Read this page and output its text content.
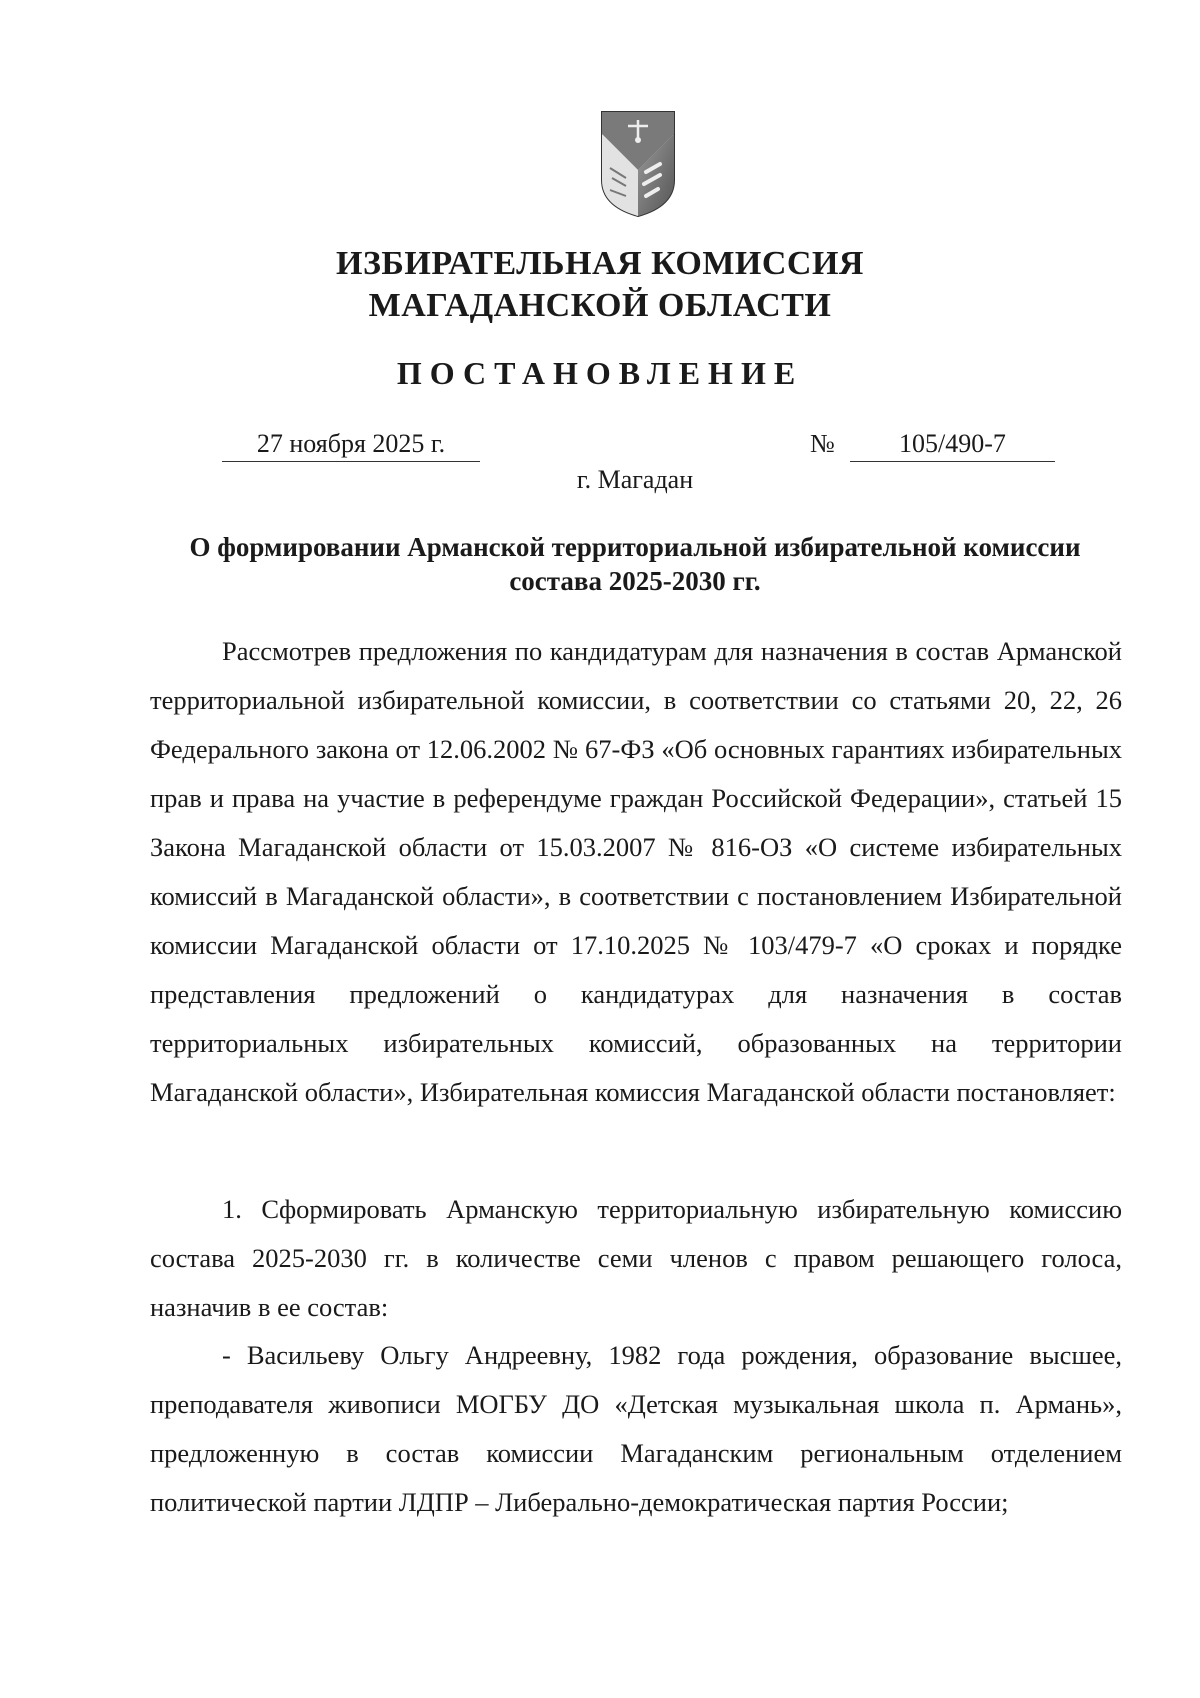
ИЗБИРАТЕЛЬНАЯ КОМИССИЯ
МАГАДАНСКОЙ ОБЛАСТИ
ПОСТАНОВЛЕНИЕ
27 ноября 2025 г.	№	105/490-7
г. Магадан
О формировании Арманской территориальной избирательной комиссии
состава 2025-2030 гг.

Рассмотрев предложения по кандидатурам для назначения в состав Арманской территориальной избирательной комиссии, в соответствии со статьями 20, 22, 26 Федерального закона от 12.06.2002 № 67-ФЗ «Об основных гарантиях избирательных прав и права на участие в референдуме граждан Российской Федерации», статьей 15 Закона Магаданской области от 15.03.2007 № 816-ОЗ «О системе избирательных комиссий в Магаданской области», в соответствии с постановлением Избирательной комиссии Магаданской области от 17.10.2025 № 103/479-7 «О сроках и порядке представления предложений о кандидатурах для назначения в состав территориальных избирательных комиссий, образованных на территории Магаданской области», Избирательная комиссия Магаданской области постановляет:

1. Сформировать Арманскую территориальную избирательную комиссию состава 2025-2030 гг. в количестве семи членов с правом решающего голоса, назначив в ее состав:

- Васильеву Ольгу Андреевну, 1982 года рождения, образование высшее, преподавателя живописи МОГБУ ДО «Детская музыкальная школа п. Армань», предложенную в состав комиссии Магаданским региональным отделением политической партии ЛДПР – Либерально-демократическая партия России;
